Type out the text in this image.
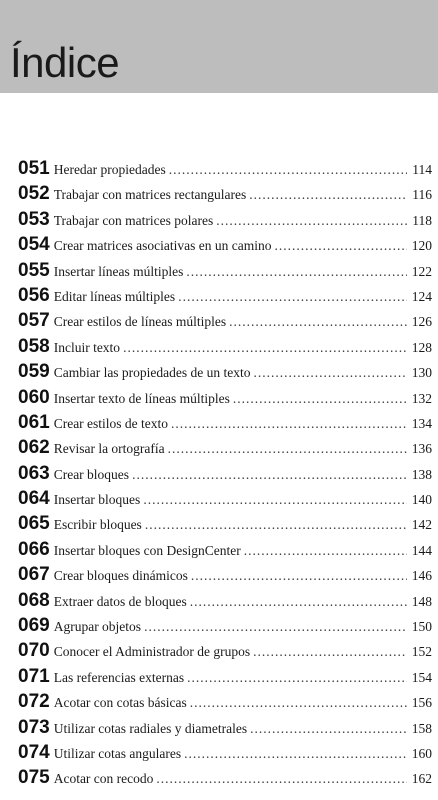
Índice
051 Heredar propiedades .....	114
052 Trabajar con matrices rectangulares .....	116
053 Trabajar con matrices polares .....	118
054 Crear matrices asociativas en un camino .....	120
055 Insertar líneas múltiples .....	122
056 Editar líneas múltiples .....	124
057 Crear estilos de líneas múltiples .....	126
058 Incluir texto .....	128
059 Cambiar las propiedades de un texto .....	130
060 Insertar texto de líneas múltiples .....	132
061 Crear estilos de texto .....	134
062 Revisar la ortografía .....	136
063 Crear bloques .....	138
064 Insertar bloques .....	140
065 Escribir bloques .....	142
066 Insertar bloques con DesignCenter .....	144
067 Crear bloques dinámicos .....	146
068 Extraer datos de bloques .....	148
069 Agrupar objetos .....	150
070 Conocer el Administrador de grupos .....	152
071 Las referencias externas .....	154
072 Acotar con cotas básicas .....	156
073 Utilizar cotas radiales y diametrales .....	158
074 Utilizar cotas angulares .....	160
075 Acotar con recodo .....	162
